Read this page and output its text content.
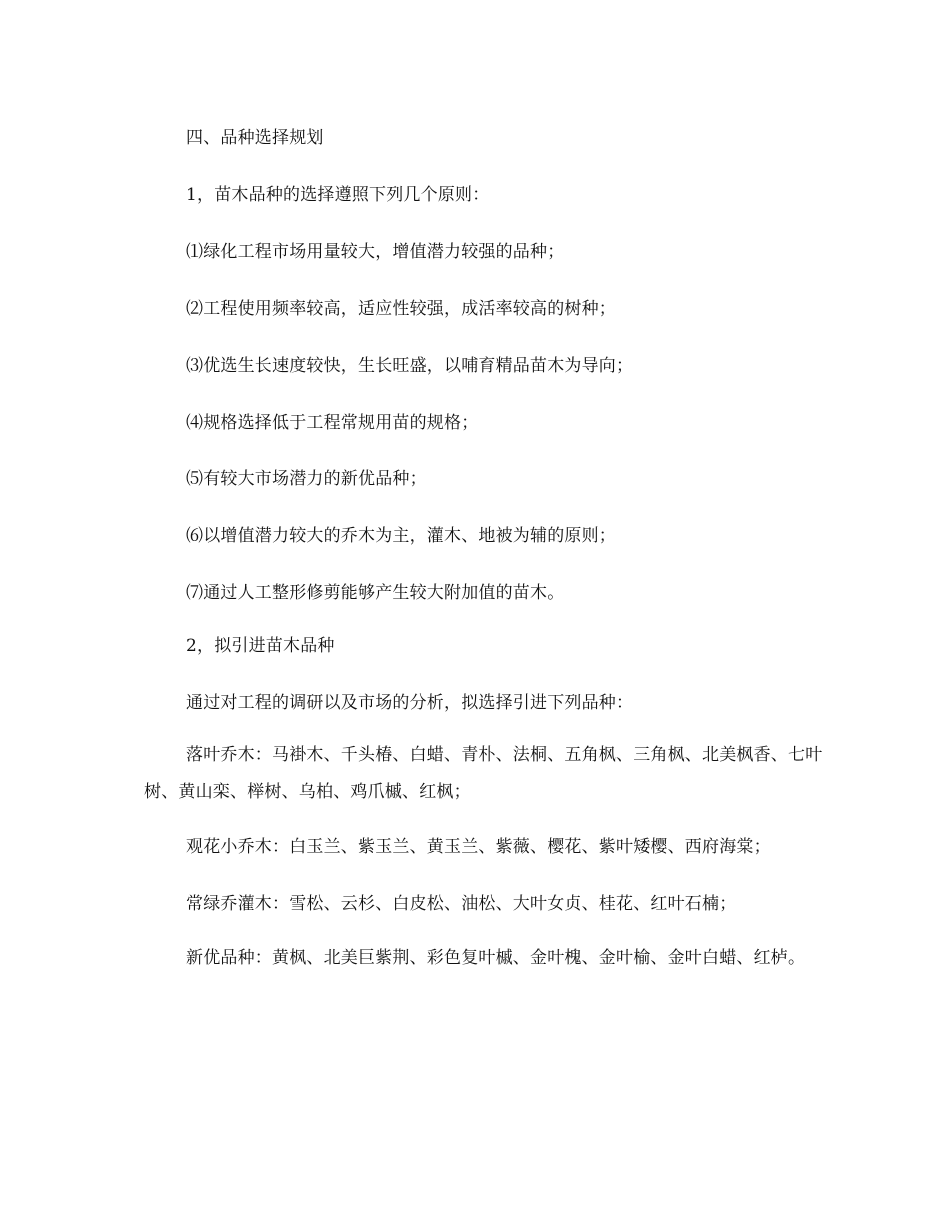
四、品种选择规划
1，苗木品种的选择遵照下列几个原则：
⑴绿化工程市场用量较大，增值潜力较强的品种；
⑵工程使用频率较高，适应性较强，成活率较高的树种；
⑶优选生长速度较快，生长旺盛，以哺育精品苗木为导向；
⑷规格选择低于工程常规用苗的规格；
⑸有较大市场潜力的新优品种；
⑹以增值潜力较大的乔木为主，灌木、地被为辅的原则；
⑺通过人工整形修剪能够产生较大附加值的苗木。
2，拟引进苗木品种
通过对工程的调研以及市场的分析，拟选择引进下列品种：
落叶乔木：马褂木、千头椿、白蜡、青朴、法桐、五角枫、三角枫、北美枫香、七叶树、黄山栾、榉树、乌柏、鸡爪槭、红枫；
观花小乔木：白玉兰、紫玉兰、黄玉兰、紫薇、樱花、紫叶矮樱、西府海棠；
常绿乔灌木：雪松、云杉、白皮松、油松、大叶女贞、桂花、红叶石楠；
新优品种：黄枫、北美巨紫荆、彩色复叶槭、金叶槐、金叶榆、金叶白蜡、红栌。
